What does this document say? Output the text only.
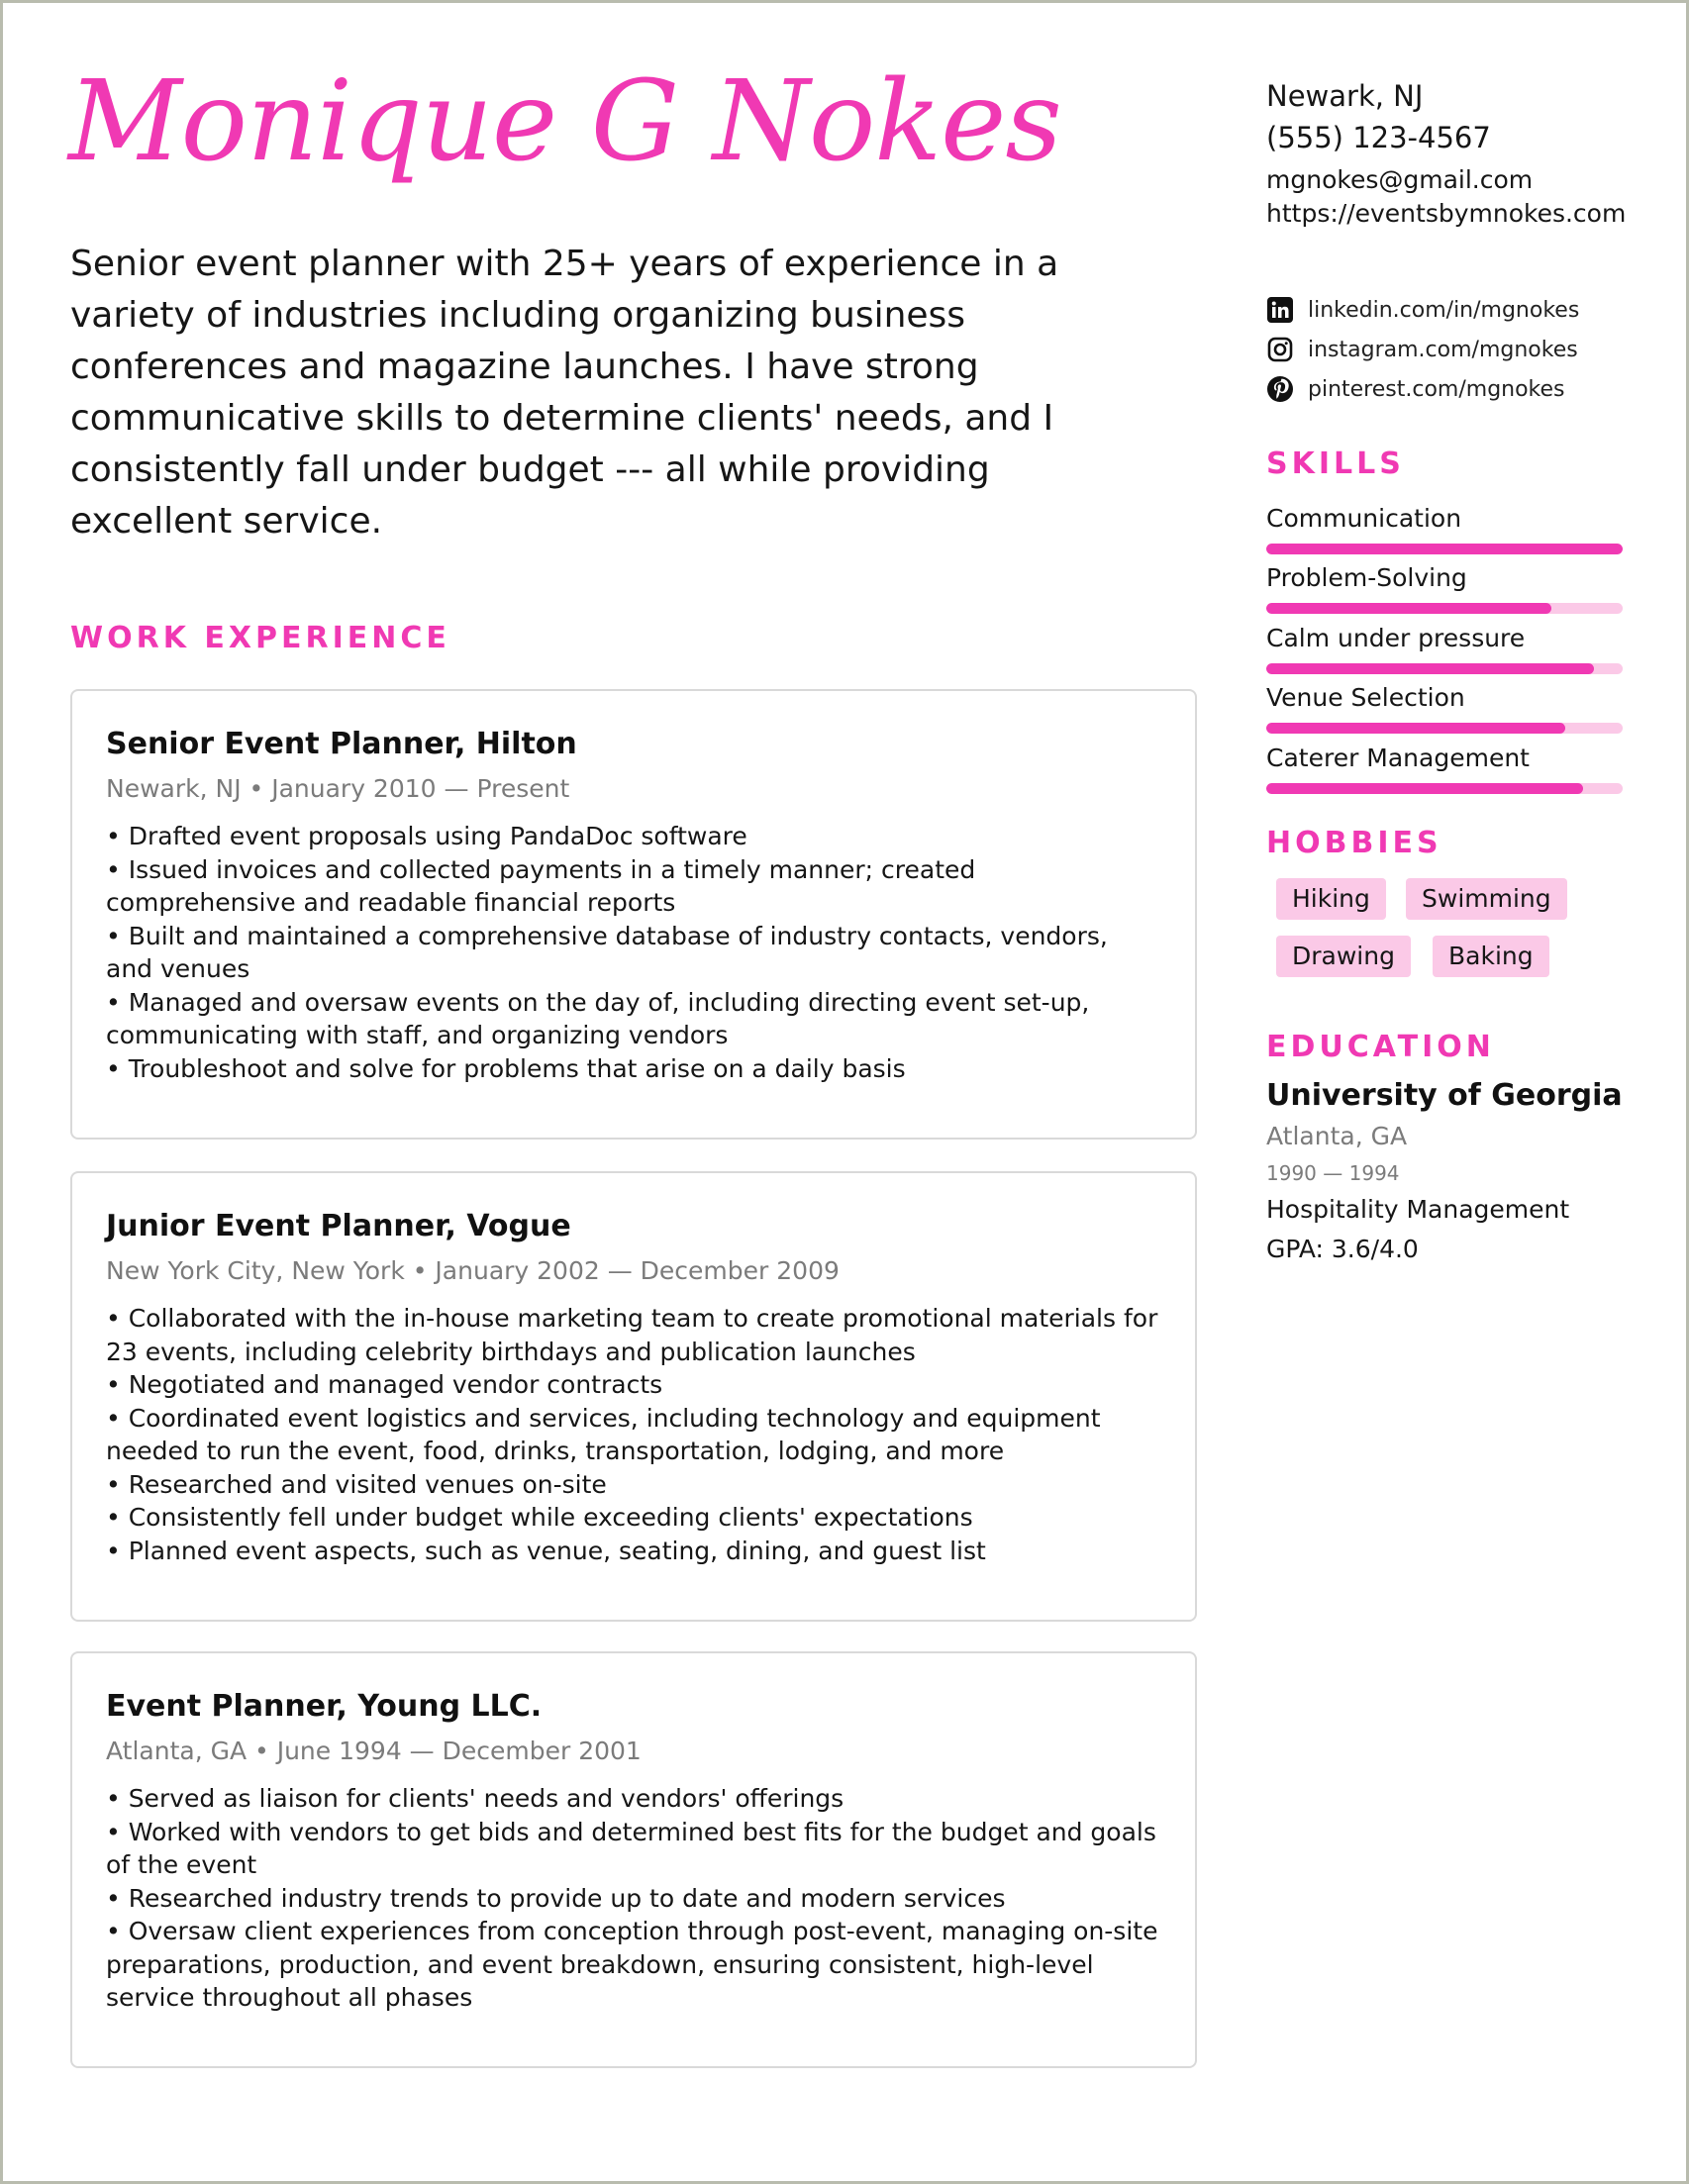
Monique G Nokes

Senior event planner with 25+ years of experience in a variety of industries including organizing business conferences and magazine launches. I have strong communicative skills to determine clients' needs, and I consistently fall under budget --- all while providing excellent service.

WORK EXPERIENCE
Senior Event Planner, Hilton
Newark, NJ • January 2010 — Present
• Drafted event proposals using PandaDoc software
• Issued invoices and collected payments in a timely manner; created comprehensive and readable financial reports
• Built and maintained a comprehensive database of industry contacts, vendors, and venues
• Managed and oversaw events on the day of, including directing event set-up, communicating with staff, and organizing vendors
• Troubleshoot and solve for problems that arise on a daily basis
Junior Event Planner, Vogue
New York City, New York • January 2002 — December 2009
• Collaborated with the in-house marketing team to create promotional materials for 23 events, including celebrity birthdays and publication launches
• Negotiated and managed vendor contracts
• Coordinated event logistics and services, including technology and equipment needed to run the event, food, drinks, transportation, lodging, and more
• Researched and visited venues on-site
• Consistently fell under budget while exceeding clients' expectations
• Planned event aspects, such as venue, seating, dining, and guest list
Event Planner, Young LLC.
Atlanta, GA • June 1994 — December 2001
• Served as liaison for clients' needs and vendors' offerings
• Worked with vendors to get bids and determined best fits for the budget and goals of the event
• Researched industry trends to provide up to date and modern services
• Oversaw client experiences from conception through post-event, managing on-site preparations, production, and event breakdown, ensuring consistent, high-level service throughout all phases
Newark, NJ
(555) 123-4567
mgnokes@gmail.com
https://eventsbymnokes.com
linkedin.com/in/mgnokes
instagram.com/mgnokes
pinterest.com/mgnokes
SKILLS
Communication
Problem-Solving
Calm under pressure
Venue Selection
Caterer Management
HOBBIES
Hiking	Swimming
Drawing	Baking
EDUCATION
University of Georgia
Atlanta, GA
1990 — 1994
Hospitality Management
GPA: 3.6/4.0
